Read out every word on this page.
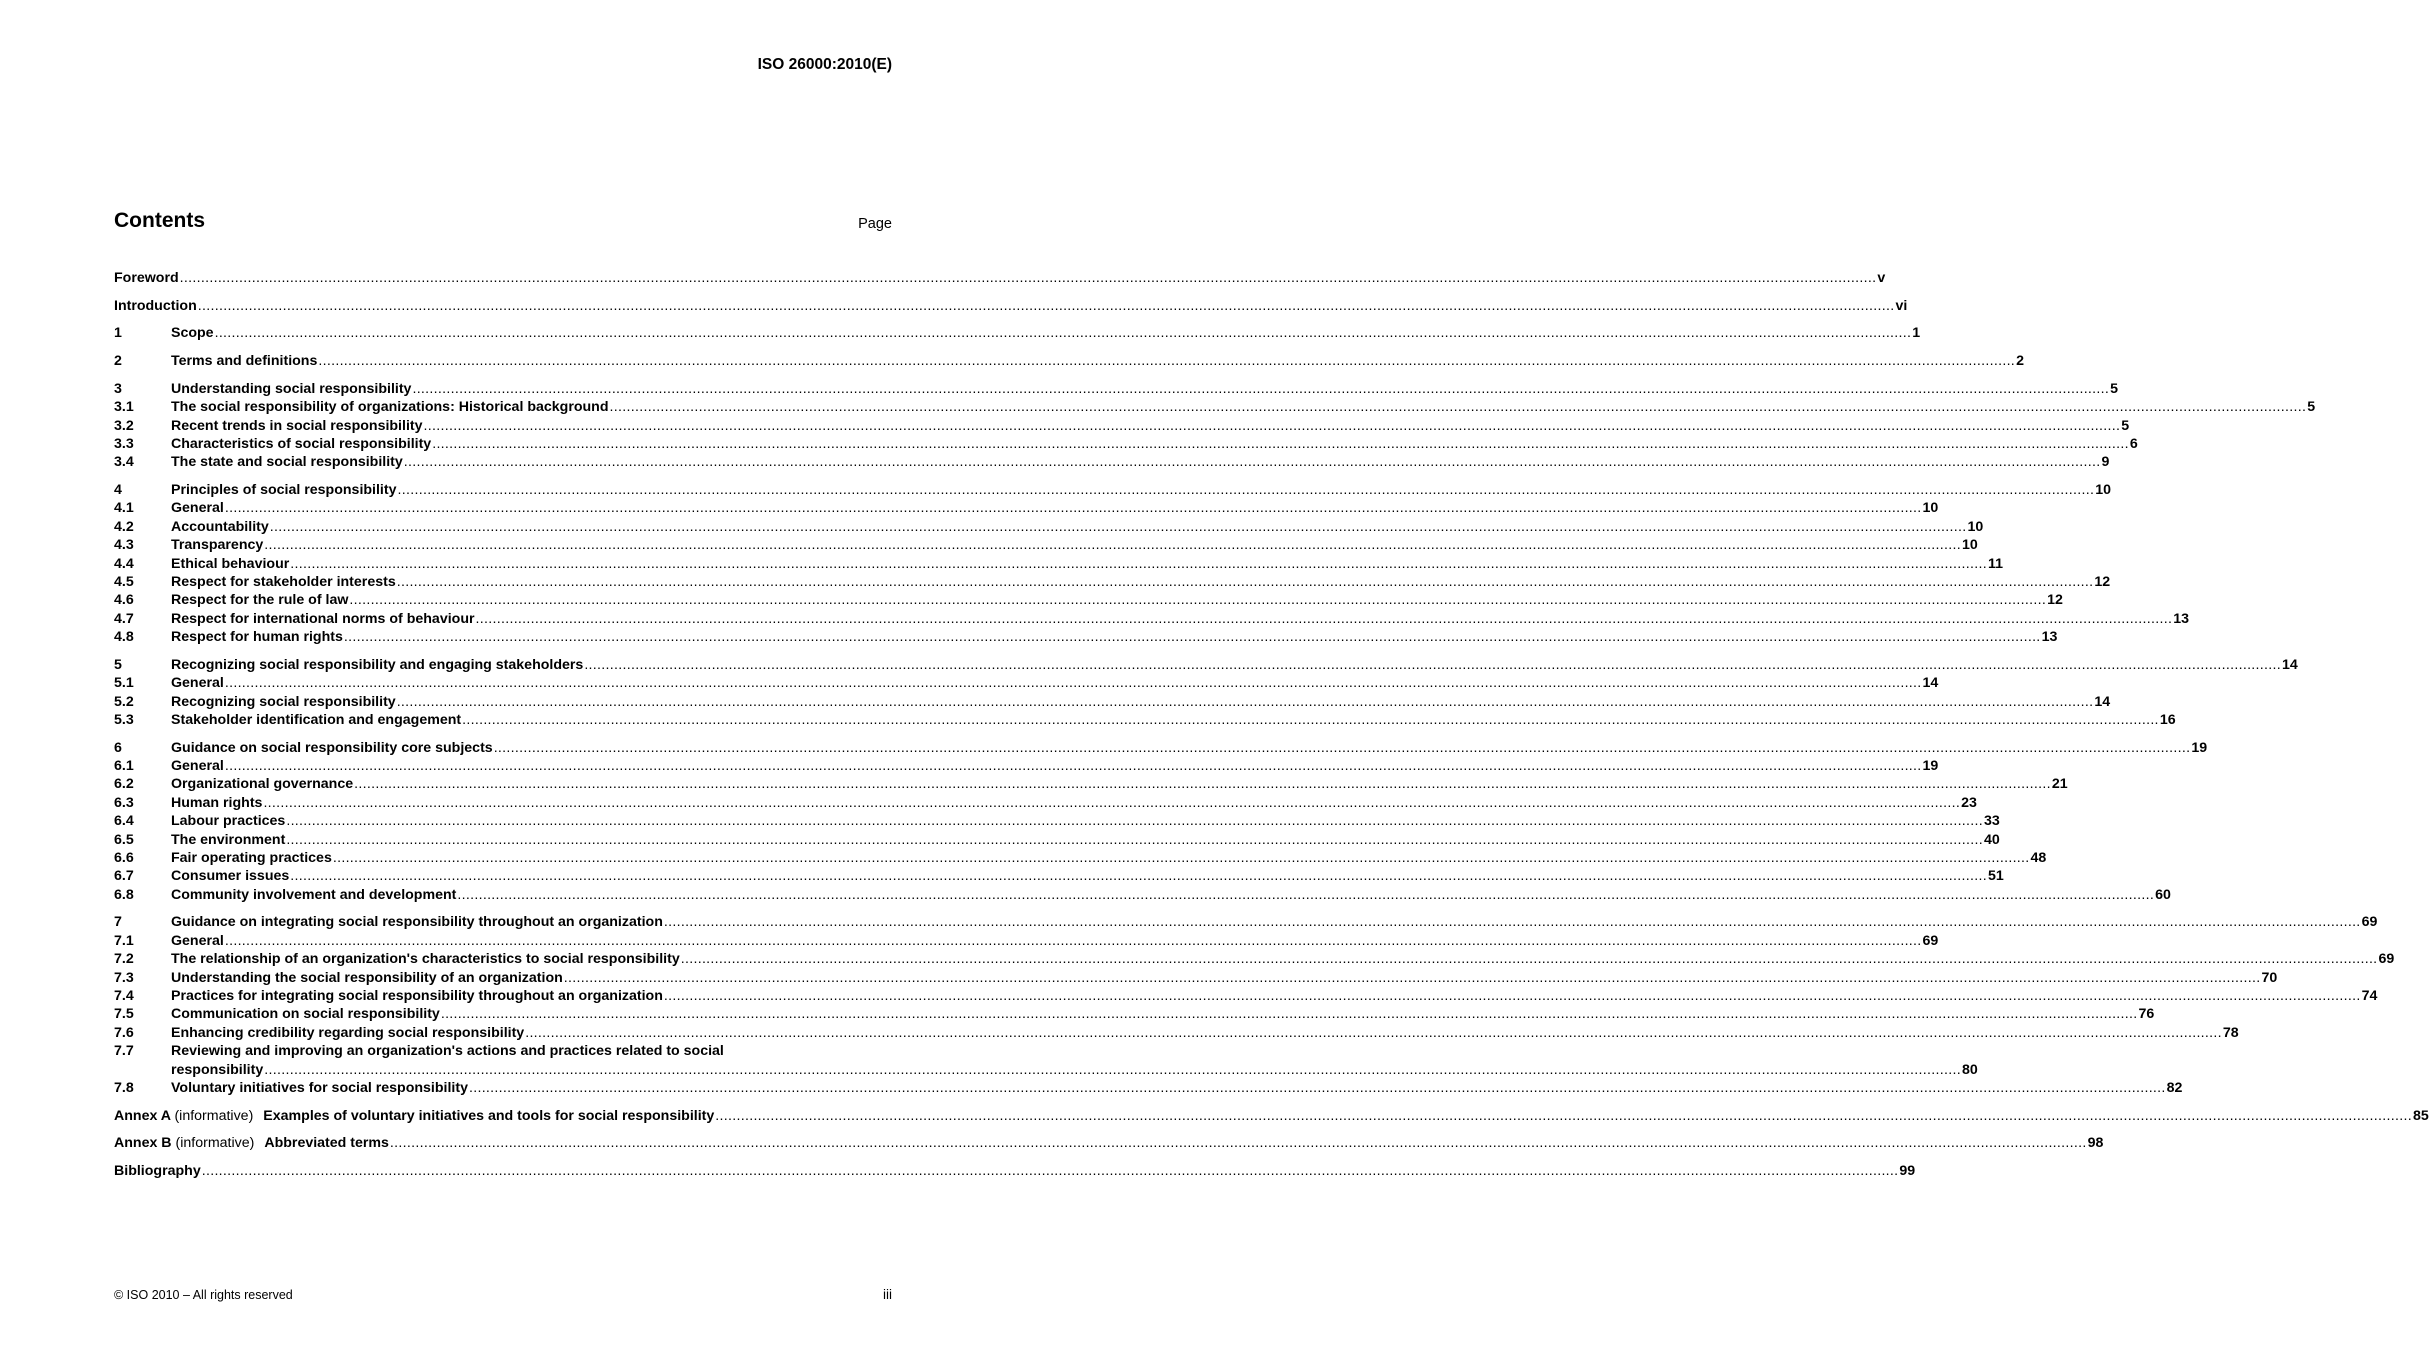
ISO 26000:2010(E)
Contents	Page
Foreword ................................................................................................................................................................................................................................................................................................................................................................................................................ v
Introduction ................................................................................................................................................................................................................................................................................................................................................................................................................ vi
1	Scope ................................................................................................................................................................................................................................................................................................................................................................................................................ 1
2	Terms and definitions ................................................................................................................................................................................................................................................................................................................................................................................................................ 2
3	Understanding social responsibility ................................................................................................................................................................................................................................................................................................................................................................................................................ 5
3.1	The social responsibility of organizations: Historical background ................................................................................................................................................................................................................................................................................................................................................................................................................ 5
3.2	Recent trends in social responsibility ................................................................................................................................................................................................................................................................................................................................................................................................................ 5
3.3	Characteristics of social responsibility ................................................................................................................................................................................................................................................................................................................................................................................................................ 6
3.4	The state and social responsibility ................................................................................................................................................................................................................................................................................................................................................................................................................ 9
4	Principles of social responsibility ................................................................................................................................................................................................................................................................................................................................................................................................................ 10
4.1	General ................................................................................................................................................................................................................................................................................................................................................................................................................ 10
4.2	Accountability ................................................................................................................................................................................................................................................................................................................................................................................................................ 10
4.3	Transparency ................................................................................................................................................................................................................................................................................................................................................................................................................ 10
4.4	Ethical behaviour ................................................................................................................................................................................................................................................................................................................................................................................................................ 11
4.5	Respect for stakeholder interests ................................................................................................................................................................................................................................................................................................................................................................................................................ 12
4.6	Respect for the rule of law ................................................................................................................................................................................................................................................................................................................................................................................................................ 12
4.7	Respect for international norms of behaviour ................................................................................................................................................................................................................................................................................................................................................................................................................ 13
4.8	Respect for human rights ................................................................................................................................................................................................................................................................................................................................................................................................................ 13
5	Recognizing social responsibility and engaging stakeholders ................................................................................................................................................................................................................................................................................................................................................................................................................ 14
5.1	General ................................................................................................................................................................................................................................................................................................................................................................................................................ 14
5.2	Recognizing social responsibility ................................................................................................................................................................................................................................................................................................................................................................................................................ 14
5.3	Stakeholder identification and engagement ................................................................................................................................................................................................................................................................................................................................................................................................................ 16
6	Guidance on social responsibility core subjects ................................................................................................................................................................................................................................................................................................................................................................................................................ 19
6.1	General ................................................................................................................................................................................................................................................................................................................................................................................................................ 19
6.2	Organizational governance ................................................................................................................................................................................................................................................................................................................................................................................................................ 21
6.3	Human rights ................................................................................................................................................................................................................................................................................................................................................................................................................ 23
6.4	Labour practices ................................................................................................................................................................................................................................................................................................................................................................................................................ 33
6.5	The environment ................................................................................................................................................................................................................................................................................................................................................................................................................ 40
6.6	Fair operating practices ................................................................................................................................................................................................................................................................................................................................................................................................................ 48
6.7	Consumer issues ................................................................................................................................................................................................................................................................................................................................................................................................................ 51
6.8	Community involvement and development ................................................................................................................................................................................................................................................................................................................................................................................................................ 60
7	Guidance on integrating social responsibility throughout an organization ................................................................................................................................................................................................................................................................................................................................................................................................................ 69
7.1	General ................................................................................................................................................................................................................................................................................................................................................................................................................ 69
7.2	The relationship of an organization's characteristics to social responsibility ................................................................................................................................................................................................................................................................................................................................................................................................................ 69
7.3	Understanding the social responsibility of an organization ................................................................................................................................................................................................................................................................................................................................................................................................................ 70
7.4	Practices for integrating social responsibility throughout an organization ................................................................................................................................................................................................................................................................................................................................................................................................................ 74
7.5	Communication on social responsibility ................................................................................................................................................................................................................................................................................................................................................................................................................ 76
7.6	Enhancing credibility regarding social responsibility ................................................................................................................................................................................................................................................................................................................................................................................................................ 78
7.7	Reviewing and improving an organization's actions and practices related to social
responsibility ................................................................................................................................................................................................................................................................................................................................................................................................................ 80
7.8	Voluntary initiatives for social responsibility ................................................................................................................................................................................................................................................................................................................................................................................................................ 82
Annex A (informative) Examples of voluntary initiatives and tools for social responsibility ................................................................................................................................................................................................................................................................................................................................................................................................................ 85
Annex B (informative) Abbreviated terms ................................................................................................................................................................................................................................................................................................................................................................................................................ 98
Bibliography ................................................................................................................................................................................................................................................................................................................................................................................................................ 99
© ISO 2010 – All rights reserved	iii
